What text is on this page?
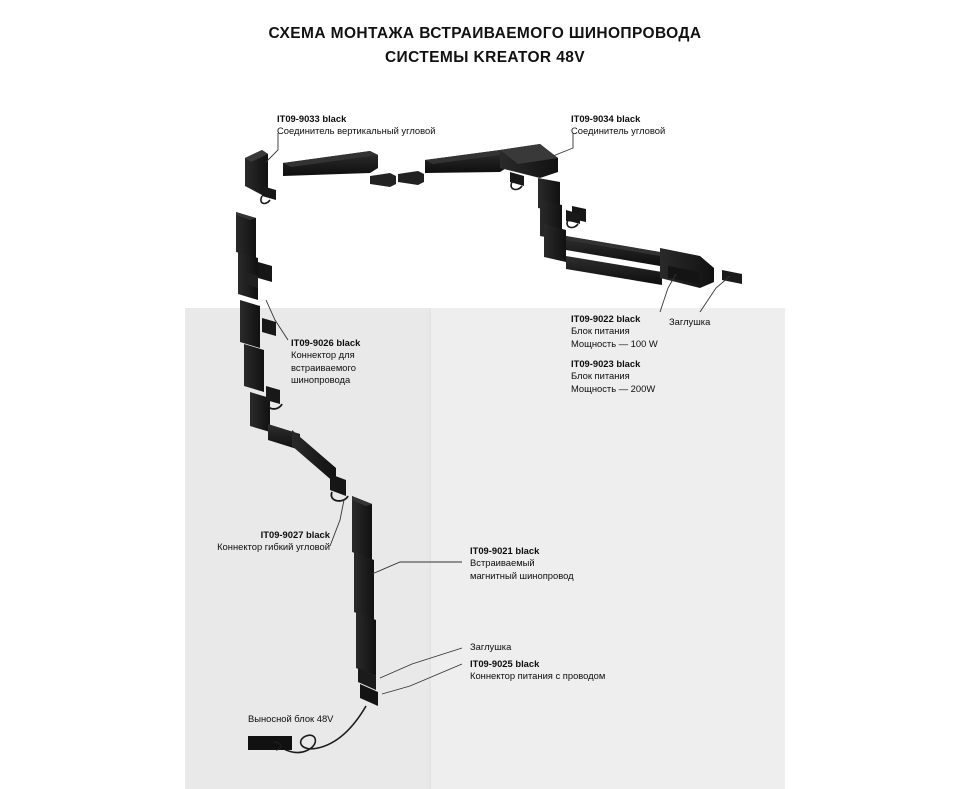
СХЕМА МОНТАЖА ВСТРАИВАЕМОГО ШИНОПРОВОДА
СИСТЕМЫ KREATOR 48V
IT09-9033 black
Соединитель вертикальный угловой
IT09-9034 black
Соединитель угловой
IT09-9026 black
Коннектор для
встраиваемого
шинопровода
IT09-9022 black
Блок питания
Мощность — 100 W
IT09-9023 black
Блок питания
Мощность — 200W
Заглушка
IT09-9027 black
Коннектор гибкий угловой	IT09-9021 black
Встраиваемый
магнитный шинопровод
Заглушка
IT09-9025 black
Коннектор питания с проводом
Выносной блок 48V
